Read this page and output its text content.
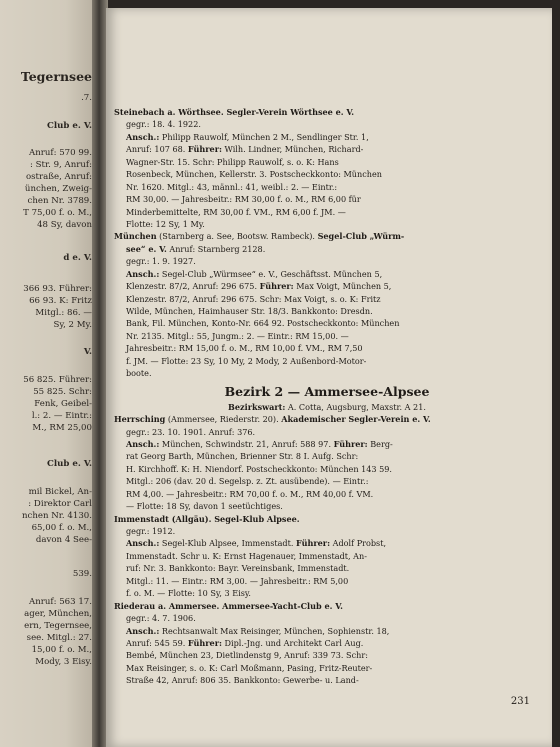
Tegernsee
.7.
Club e. V.
Anruf: 570 99.
: Str. 9, Anruf:
ostraße, Anruf:
ünchen, Zweig-
chen Nr. 3789.
T 75,00 f. o. M.,
48 Sy, davon
d e. V.
366 93. Führer:
66 93. K: Fritz
Mitgl.: 86. —
Sy, 2 My.
V.
56 825. Führer:
55 825. Schr:
Fenk, Geibel-
l.: 2. — Eintr.:
M., RM 25,00
Club e. V.
mil Bickel, An-
: Direktor Carl
nchen Nr. 4130.
65,00 f. o. M.,
davon 4 See-
539.
Anruf: 563 17.
ager, München,
ern, Tegernsee,
see. Mitgl.: 27.
15,00 f. o. M.,
Mody, 3 Eisy.
Steinebach a. Wörthsee. Segler-Verein Wörthsee e. V.
gegr.: 18. 4. 1922.
Ansch.: Philipp Rauwolf, München 2 M., Sendlinger Str. 1,
Anruf: 107 68. Führer: Wilh. Lindner, München, Richard-
Wagner-Str. 15. Schr: Philipp Rauwolf, s. o. K: Hans
Rosenbeck, München, Kellerstr. 3. Postscheckkonto: München
Nr. 1620. Mitgl.: 43, männl.: 41, weibl.: 2. — Eintr.:
RM 30,00. — Jahresbeitr.: RM 30,00 f. o. M., RM 6,00 für
Minderbemittelte, RM 30,00 f. VM., RM 6,00 f. JM. —
Flotte: 12 Sy, 1 My.
München (Starnberg a. See, Bootsw. Rambeck). Segel-Club „Würm-
see“ e. V. Anruf: Starnberg 2128.
gegr.: 1. 9. 1927.
Ansch.: Segel-Club „Würmsee“ e. V., Geschäftsst. München 5,
Klenzestr. 87/2, Anruf: 296 675. Führer: Max Voigt, München 5,
Klenzestr. 87/2, Anruf: 296 675. Schr: Max Voigt, s. o. K: Fritz
Wilde, München, Haimhauser Str. 18/3. Bankkonto: Dresdn.
Bank, Fil. München, Konto-Nr. 664 92. Postscheckkonto: München
Nr. 2135. Mitgl.: 55, Jungm.: 2. — Eintr.: RM 15,00. —
Jahresbeitr.: RM 15,00 f. o. M., RM 10,00 f. VM., RM 7,50
f. JM. — Flotte: 23 Sy, 10 My, 2 Mody, 2 Außenbord-Motor-
boote.
Bezirk 2 — Ammersee-Alpsee
Bezirkswart: A. Cotta, Augsburg, Maxstr. A 21.
Herrsching (Ammersee, Riederstr. 20). Akademischer Segler-Verein e. V.
gegr.: 23. 10. 1901. Anruf: 376.
Ansch.: München, Schwindstr. 21, Anruf: 588 97. Führer: Berg-
rat Georg Barth, München, Brienner Str. 8 I. Aufg. Schr:
H. Kirchhoff. K: H. Niendorf. Postscheckkonto: München 143 59.
Mitgl.: 206 (dav. 20 d. Segelsp. z. Zt. ausübende). — Eintr.:
RM 4,00. — Jahresbeitr.: RM 70,00 f. o. M., RM 40,00 f. VM.
— Flotte: 18 Sy, davon 1 seetüchtiges.
Immenstadt (Allgäu). Segel-Klub Alpsee.
gegr.: 1912.
Ansch.: Segel-Klub Alpsee, Immenstadt. Führer: Adolf Probst,
Immenstadt. Schr u. K: Ernst Hagenauer, Immenstadt, An-
ruf: Nr. 3. Bankkonto: Bayr. Vereinsbank, Immenstadt.
Mitgl.: 11. — Eintr.: RM 3,00. — Jahresbeitr.: RM 5,00
f. o. M. — Flotte: 10 Sy, 3 Eisy.
Riederau a. Ammersee. Ammersee-Yacht-Club e. V.
gegr.: 4. 7. 1906.
Ansch.: Rechtsanwalt Max Reisinger, München, Sophienstr. 18,
Anruf: 545 59. Führer: Dipl.-Jng. und Architekt Carl Aug.
Bembé, München 23, Dietlindenstg 9, Anruf: 339 73. Schr:
Max Reisinger, s. o. K: Carl Moßmann, Pasing, Fritz-Reuter-
Straße 42, Anruf: 806 35. Bankkonto: Gewerbe- u. Land-
231
